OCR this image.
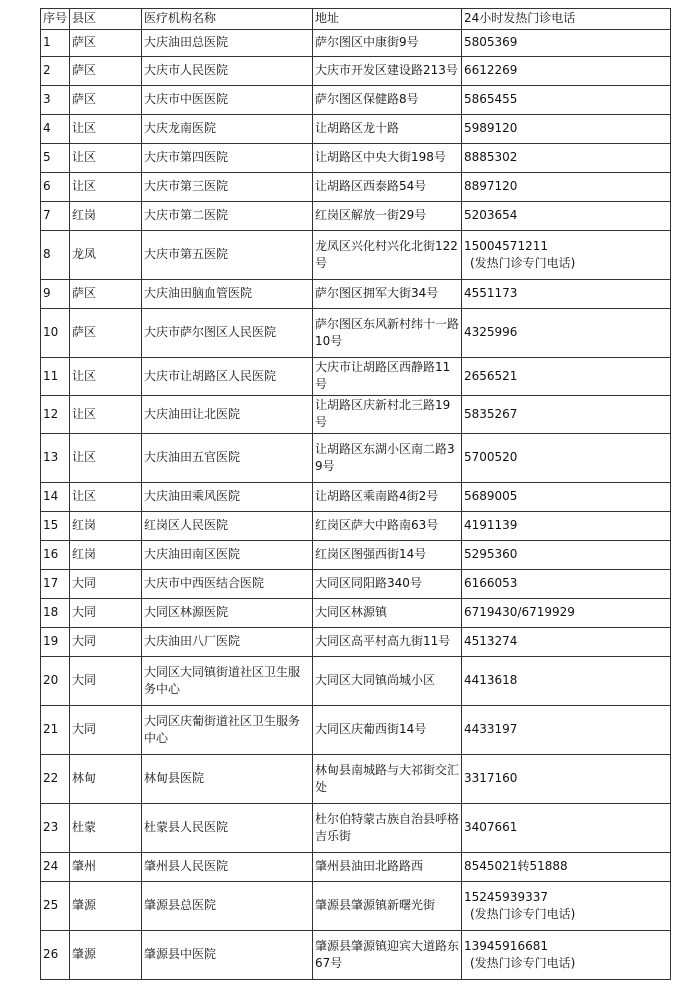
序号	县区	医疗机构名称	地址	24小时发热门诊电话
1	萨区	大庆油田总医院	萨尔图区中康街9号	5805369

2	萨区	大庆市人民医院	大庆市开发区建设路213号	6612269

3	萨区	大庆市中医医院	萨尔图区保健路8号	5865455

4	让区	大庆龙南医院	让胡路区龙十路	5989120

5	让区	大庆市第四医院	让胡路区中央大街198号	8885302

6	让区	大庆市第三医院	让胡路区西泰路54号	8897120

7	红岗	大庆市第二医院	红岗区解放一街29号	5203654

8	龙凤	大庆市第五医院	龙凤区兴化村兴化北街122号	15004571211
(发热门诊专门电话)

9	萨区	大庆油田脑血管医院	萨尔图区拥军大街34号	4551173

10	萨区	大庆市萨尔图区人民医院	萨尔图区东风新村纬十一路10号	4325996

11	让区	大庆市让胡路区人民医院	大庆市让胡路区西静路11号	2656521

12	让区	大庆油田让北医院	让胡路区庆新村北三路19号	5835267

13	让区	大庆油田五官医院	让胡路区东湖小区南二路39号	5700520

14	让区	大庆油田乘风医院	让胡路区乘南路4街2号	5689005

15	红岗	红岗区人民医院	红岗区萨大中路南63号	4191139

16	红岗	大庆油田南区医院	红岗区图强西街14号	5295360

17	大同	大庆市中西医结合医院	大同区同阳路340号	6166053

18	大同	大同区林源医院	大同区林源镇	6719430/6719929

19	大同	大庆油田八厂医院	大同区高平村高九街11号	4513274

20	大同	大同区大同镇街道社区卫生服务中心	大同区大同镇尚城小区	4413618

21	大同	大同区庆葡街道社区卫生服务中心	大同区庆葡西街14号	4433197

22	林甸	林甸县医院	林甸县南城路与大祁街交汇处	3317160

23	杜蒙	杜蒙县人民医院	杜尔伯特蒙古族自治县呼格吉乐街	3407661

24	肇州	肇州县人民医院	肇州县油田北路路西	8545021转51888

25	肇源	肇源县总医院	肇源县肇源镇新曙光街	15245939337
(发热门诊专门电话)

26	肇源	肇源县中医院	肇源县肇源镇迎宾大道路东67号	13945916681
(发热门诊专门电话)
